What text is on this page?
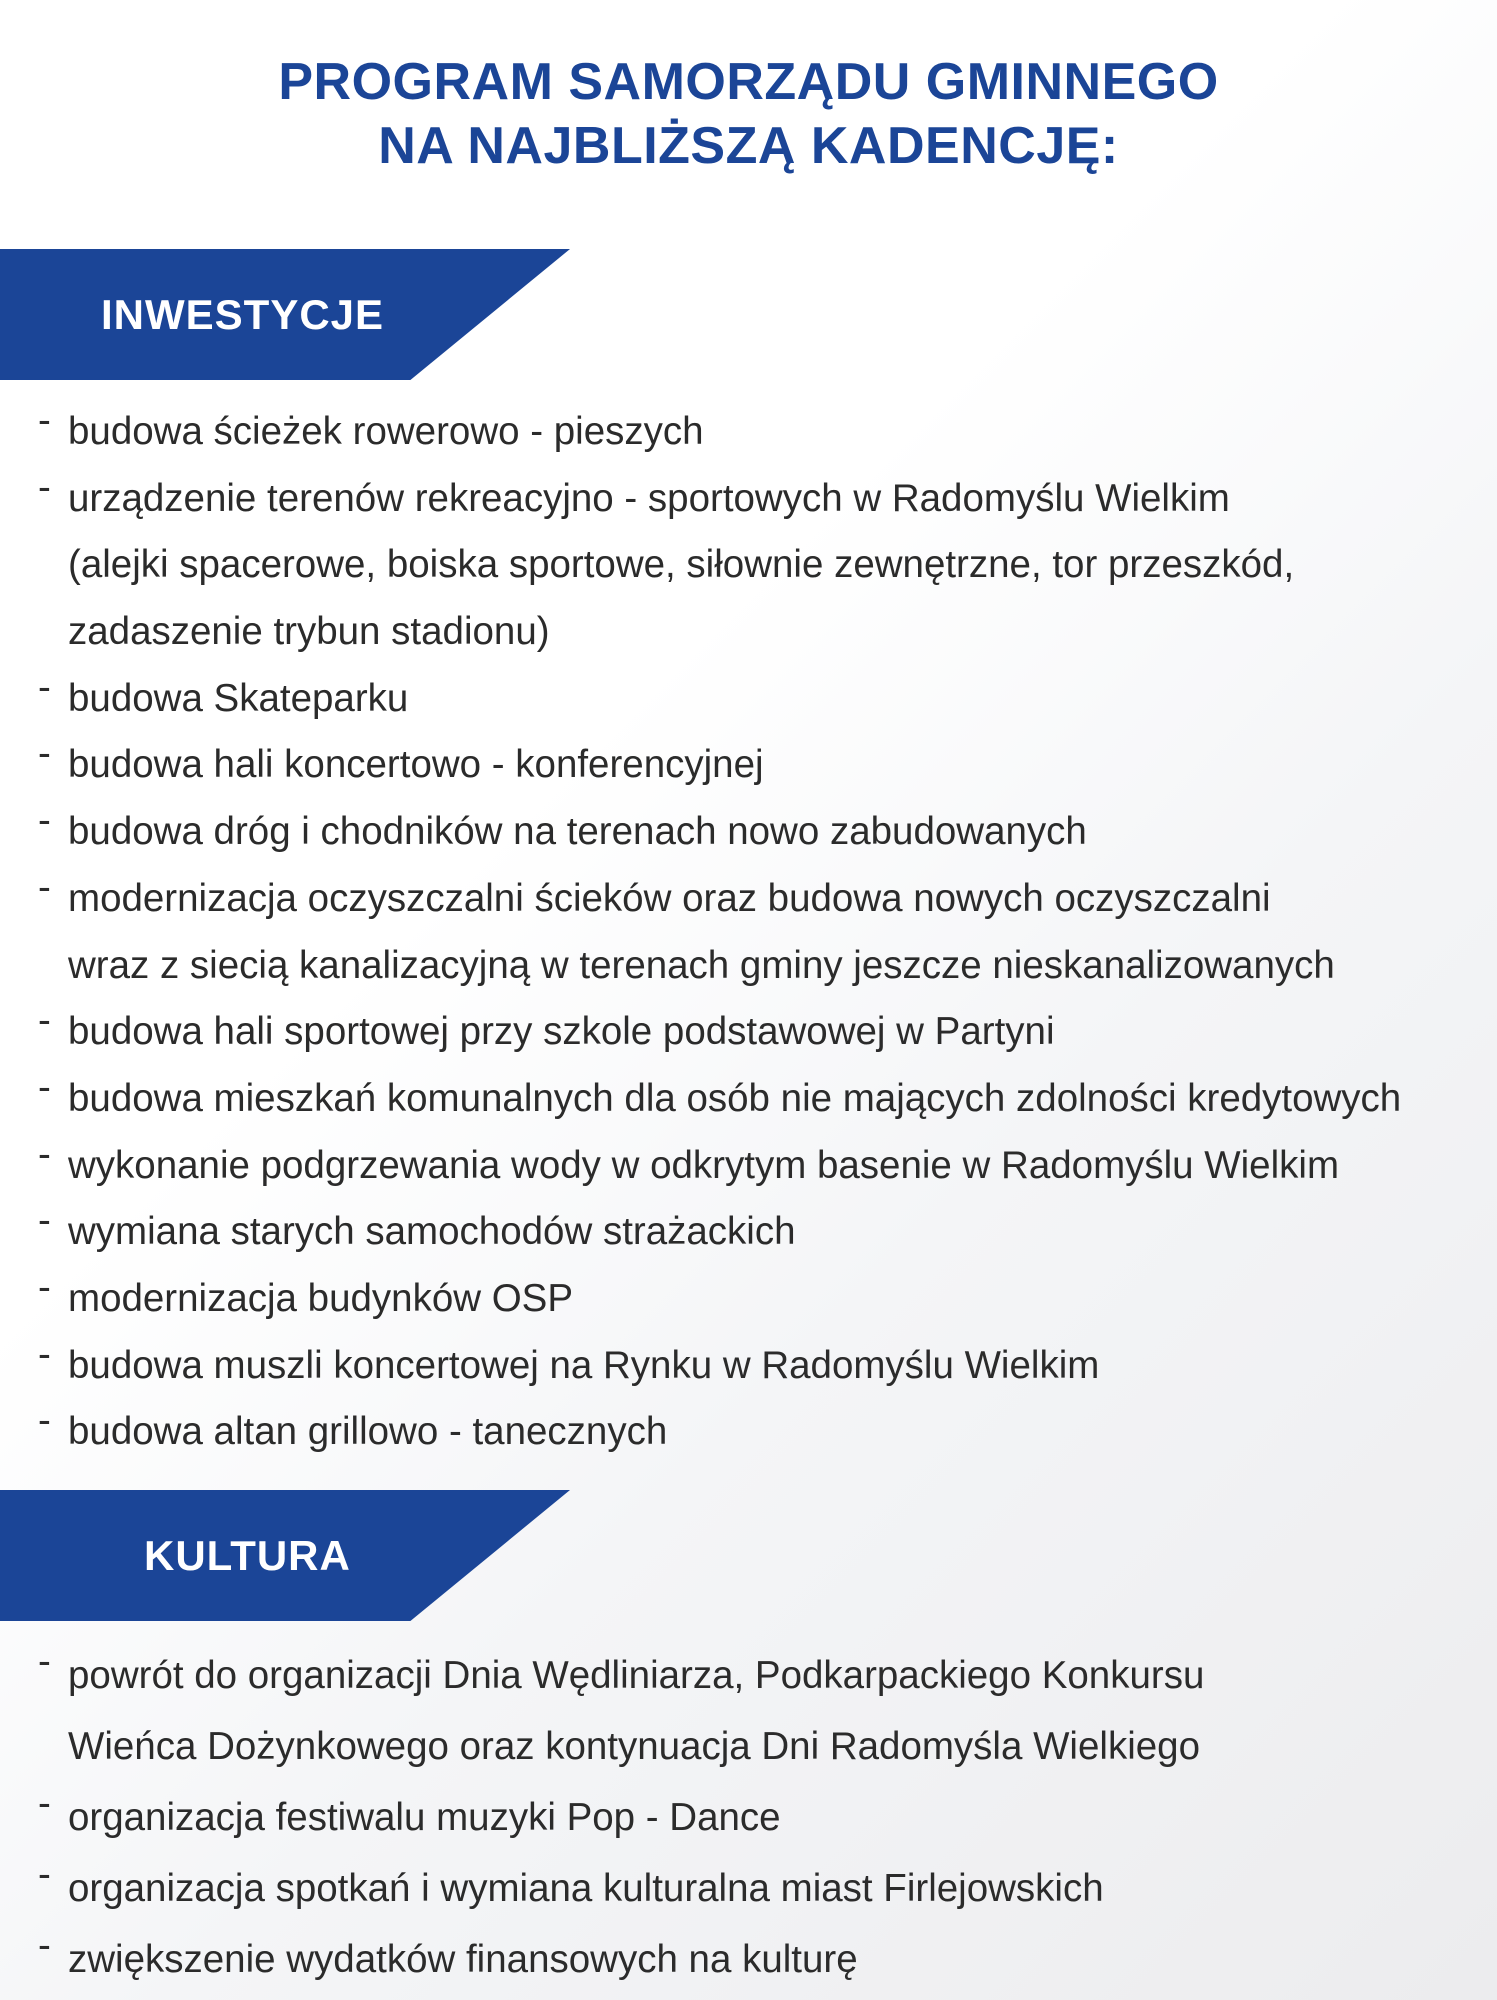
PROGRAM SAMORZĄDU GMINNEGO
NA NAJBLIŻSZĄ KADENCJĘ:
INWESTYCJE
- budowa ścieżek rowerowo - pieszych
- urządzenie terenów rekreacyjno - sportowych w Radomyślu Wielkim
(alejki spacerowe, boiska sportowe, siłownie zewnętrzne, tor przeszkód,
zadaszenie trybun stadionu)
- budowa Skateparku
- budowa hali koncertowo - konferencyjnej
- budowa dróg i chodników na terenach nowo zabudowanych
- modernizacja oczyszczalni ścieków oraz budowa nowych oczyszczalni
wraz z siecią kanalizacyjną w terenach gminy jeszcze nieskanalizowanych
- budowa hali sportowej przy szkole podstawowej w Partyni
- budowa mieszkań komunalnych dla osób nie mających zdolności kredytowych
- wykonanie podgrzewania wody w odkrytym basenie w Radomyślu Wielkim
- wymiana starych samochodów strażackich
- modernizacja budynków OSP
- budowa muszli koncertowej na Rynku w Radomyślu Wielkim
- budowa altan grillowo - tanecznych
KULTURA
- powrót do organizacji Dnia Wędliniarza, Podkarpackiego Konkursu
Wieńca Dożynkowego oraz kontynuacja Dni Radomyśla Wielkiego
- organizacja festiwalu muzyki Pop - Dance
- organizacja spotkań i wymiana kulturalna miast Firlejowskich
- zwiększenie wydatków finansowych na kulturę
